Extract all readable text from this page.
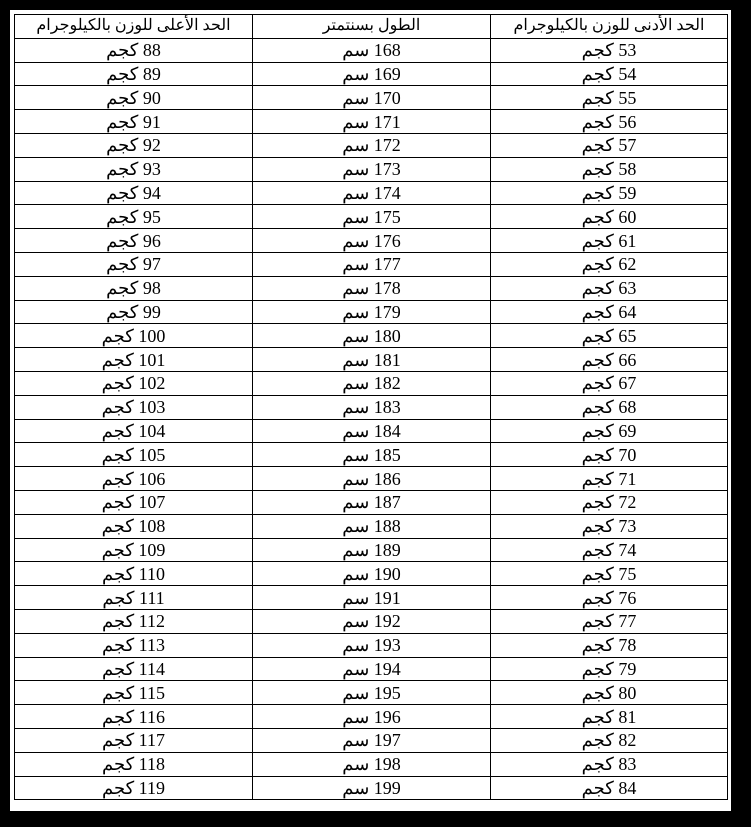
الحد الأدنى للوزن بالكيلوجرام	الطول بسنتمتر	الحد الأعلى للوزن بالكيلوجرام
53 كجم	168 سم	88 كجم
54 كجم	169 سم	89 كجم
55 كجم	170 سم	90 كجم
56 كجم	171 سم	91 كجم
57 كجم	172 سم	92 كجم
58 كجم	173 سم	93 كجم
59 كجم	174 سم	94 كجم
60 كجم	175 سم	95 كجم
61 كجم	176 سم	96 كجم
62 كجم	177 سم	97 كجم
63 كجم	178 سم	98 كجم
64 كجم	179 سم	99 كجم
65 كجم	180 سم	100 كجم
66 كجم	181 سم	101 كجم
67 كجم	182 سم	102 كجم
68 كجم	183 سم	103 كجم
69 كجم	184 سم	104 كجم
70 كجم	185 سم	105 كجم
71 كجم	186 سم	106 كجم
72 كجم	187 سم	107 كجم
73 كجم	188 سم	108 كجم
74 كجم	189 سم	109 كجم
75 كجم	190 سم	110 كجم
76 كجم	191 سم	111 كجم
77 كجم	192 سم	112 كجم
78 كجم	193 سم	113 كجم
79 كجم	194 سم	114 كجم
80 كجم	195 سم	115 كجم
81 كجم	196 سم	116 كجم
82 كجم	197 سم	117 كجم
83 كجم	198 سم	118 كجم
84 كجم	199 سم	119 كجم
